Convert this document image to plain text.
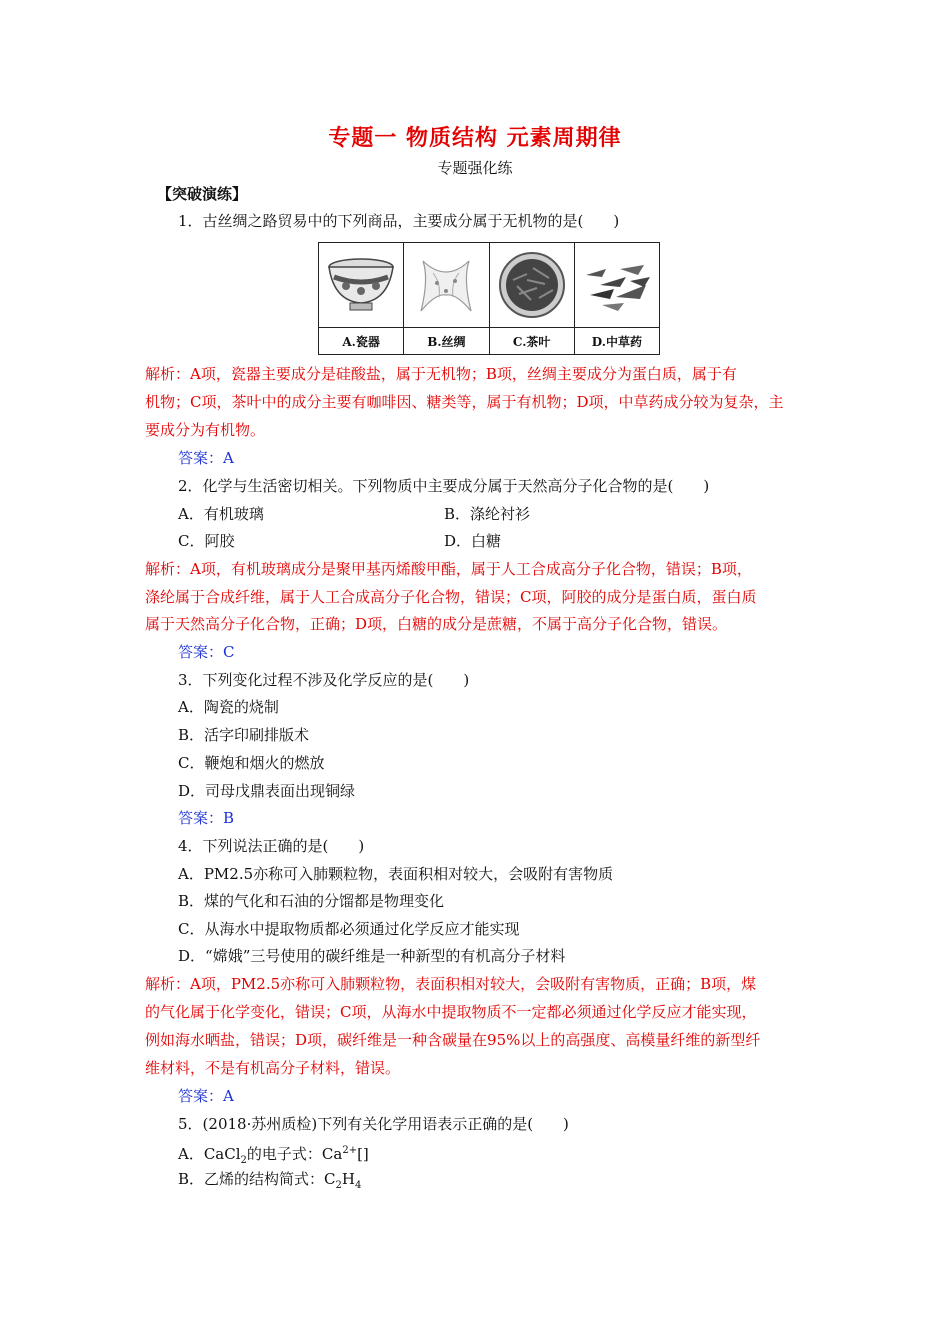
专题一 物质结构 元素周期律
专题强化练
【突破演练】
1．古丝绸之路贸易中的下列商品，主要成分属于无机物的是(　　)
A.瓷器	B.丝绸	C.茶叶	D.中草药
解析：A项，瓷器主要成分是硅酸盐，属于无机物；B项，丝绸主要成分为蛋白质，属于有
机物；C项，茶叶中的成分主要有咖啡因、糖类等，属于有机物；D项，中草药成分较为复杂，主
要成分为有机物。
答案：A
2．化学与生活密切相关。下列物质中主要成分属于天然高分子化合物的是(　　)
A．有机玻璃	B．涤纶衬衫
C．阿胶	D．白糖
解析：A项，有机玻璃成分是聚甲基丙烯酸甲酯，属于人工合成高分子化合物，错误；B项，
涤纶属于合成纤维，属于人工合成高分子化合物，错误；C项，阿胶的成分是蛋白质，蛋白质
属于天然高分子化合物，正确；D项，白糖的成分是蔗糖，不属于高分子化合物，错误。
答案：C
3．下列变化过程不涉及化学反应的是(　　)
A．陶瓷的烧制
B．活字印刷排版术
C．鞭炮和烟火的燃放
D．司母戊鼎表面出现铜绿
答案：B
4．下列说法正确的是(　　)
A．PM2.5亦称可入肺颗粒物，表面积相对较大，会吸附有害物质
B．煤的气化和石油的分馏都是物理变化
C．从海水中提取物质都必须通过化学反应才能实现
D．“嫦娥”三号使用的碳纤维是一种新型的有机高分子材料
解析：A项，PM2.5亦称可入肺颗粒物，表面积相对较大，会吸附有害物质，正确；B项，煤
的气化属于化学变化，错误；C项，从海水中提取物质不一定都必须通过化学反应才能实现，
例如海水晒盐，错误；D项，碳纤维是一种含碳量在95%以上的高强度、高模量纤维的新型纤
维材料，不是有机高分子材料，错误。
答案：A
5．(2018·苏州质检)下列有关化学用语表示正确的是(　　)
A．CaCl$_2$的电子式：$Ca^{2+}[]$
B．乙烯的结构简式：$C_2H_4$
